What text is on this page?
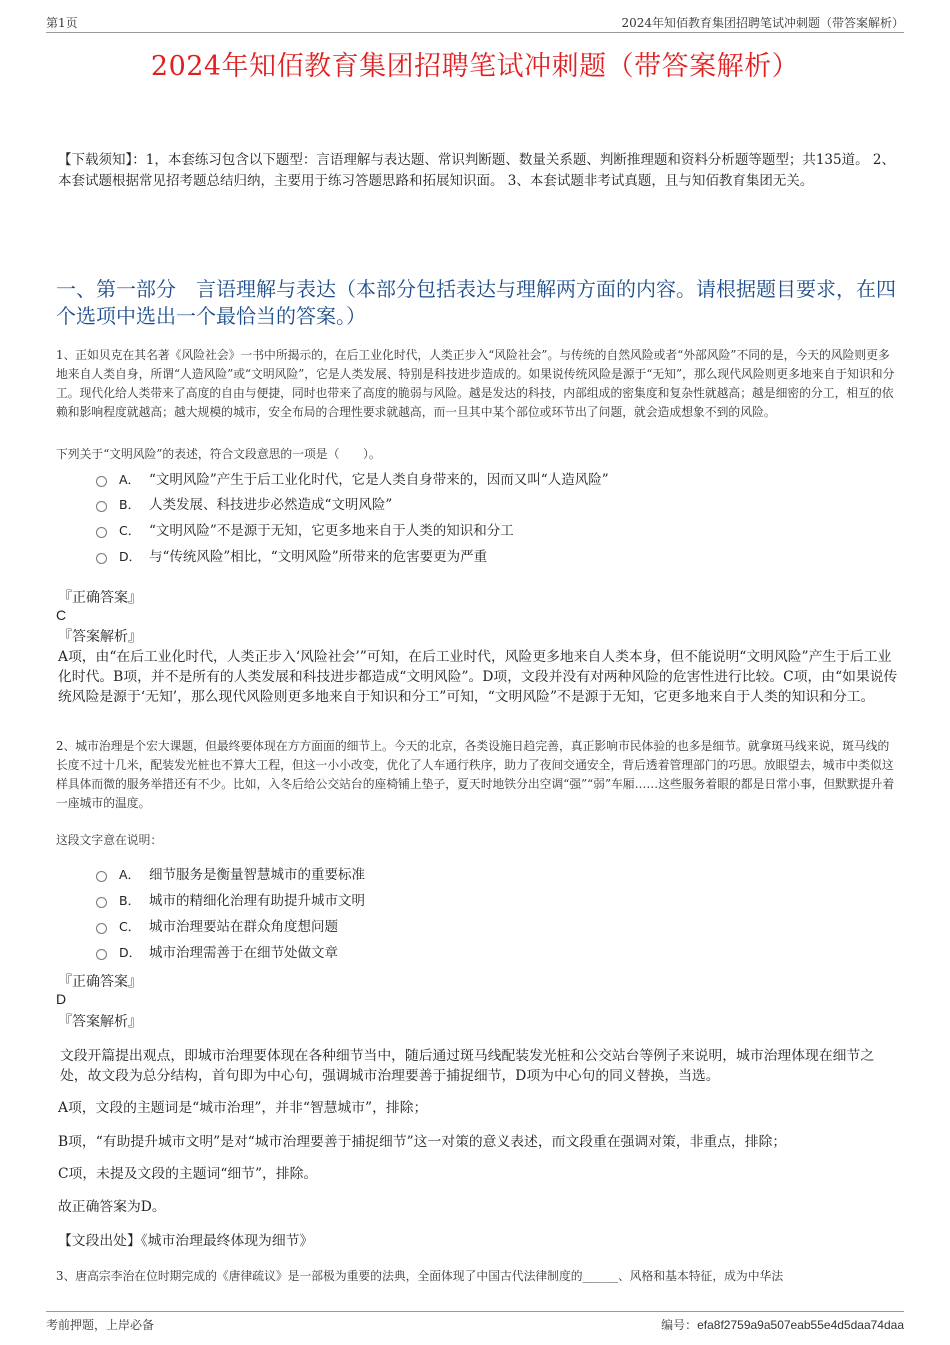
第1页	2024年知佰教育集团招聘笔试冲刺题（带答案解析）
2024年知佰教育集团招聘笔试冲刺题（带答案解析）
【下载须知】：1，本套练习包含以下题型：言语理解与表达题、常识判断题、数量关系题、判断推理题和资料分析题等题型；共135道。 2、本套试题根据常见招考题总结归纳，主要用于练习答题思路和拓展知识面。 3、本套试题非考试真题，且与知佰教育集团无关。
一、第一部分　言语理解与表达（本部分包括表达与理解两方面的内容。请根据题目要求，在四个选项中选出一个最恰当的答案。）
1、正如贝克在其名著《风险社会》一书中所揭示的，在后工业化时代，人类正步入“风险社会”。与传统的自然风险或者“外部风险”不同的是，今天的风险则更多地来自人类自身，所谓“人造风险”或“文明风险”，它是人类发展、特别是科技进步造成的。如果说传统风险是源于“无知”，那么现代风险则更多地来自于知识和分工。现代化给人类带来了高度的自由与便捷，同时也带来了高度的脆弱与风险。越是发达的科技，内部组成的密集度和复杂性就越高；越是细密的分工，相互的依赖和影响程度就越高；越大规模的城市，安全布局的合理性要求就越高，而一旦其中某个部位或环节出了问题，就会造成想象不到的风险。
下列关于“文明风险”的表述，符合文段意思的一项是（　　）。
A． “文明风险”产生于后工业化时代，它是人类自身带来的，因而又叫“人造风险”
B． 人类发展、科技进步必然造成“文明风险”
C． “文明风险”不是源于无知，它更多地来自于人类的知识和分工
D． 与“传统风险”相比，“文明风险”所带来的危害要更为严重
『正确答案』
C
『答案解析』
A项，由“在后工业化时代，人类正步入‘风险社会’”可知，在后工业时代，风险更多地来自人类本身，但不能说明“文明风险”产生于后工业化时代。B项，并不是所有的人类发展和科技进步都造成“文明风险”。D项，文段并没有对两种风险的危害性进行比较。C项，由“如果说传统风险是源于‘无知’，那么现代风险则更多地来自于知识和分工”可知，“文明风险”不是源于无知，它更多地来自于人类的知识和分工。
2、城市治理是个宏大课题，但最终要体现在方方面面的细节上。今天的北京，各类设施日趋完善，真正影响市民体验的也多是细节。就拿斑马线来说，斑马线的长度不过十几米，配装发光桩也不算大工程，但这一小小改变，优化了人车通行秩序，助力了夜间交通安全，背后透着管理部门的巧思。放眼望去，城市中类似这样具体而微的服务举措还有不少。比如，入冬后给公交站台的座椅铺上垫子，夏天时地铁分出空调“强”“弱”车厢……这些服务着眼的都是日常小事，但默默提升着一座城市的温度。
这段文字意在说明：
A． 细节服务是衡量智慧城市的重要标准
B． 城市的精细化治理有助提升城市文明
C． 城市治理要站在群众角度想问题
D． 城市治理需善于在细节处做文章
『正确答案』
D
『答案解析』
文段开篇提出观点，即城市治理要体现在各种细节当中，随后通过斑马线配装发光桩和公交站台等例子来说明，城市治理体现在细节之处，故文段为总分结构，首句即为中心句，强调城市治理要善于捕捉细节，D项为中心句的同义替换，当选。
A项，文段的主题词是“城市治理”，并非“智慧城市”，排除；
B项，“有助提升城市文明”是对“城市治理要善于捕捉细节”这一对策的意义表述，而文段重在强调对策，非重点，排除；
C项，未提及文段的主题词“细节”，排除。
故正确答案为D。
【文段出处】《城市治理最终体现为细节》
3、唐高宗李治在位时期完成的《唐律疏议》是一部极为重要的法典，全面体现了中国古代法律制度的______、风格和基本特征，成为中华法
考前押题，上岸必备	编号：efa8f2759a9a507eab55e4d5daa74daa
